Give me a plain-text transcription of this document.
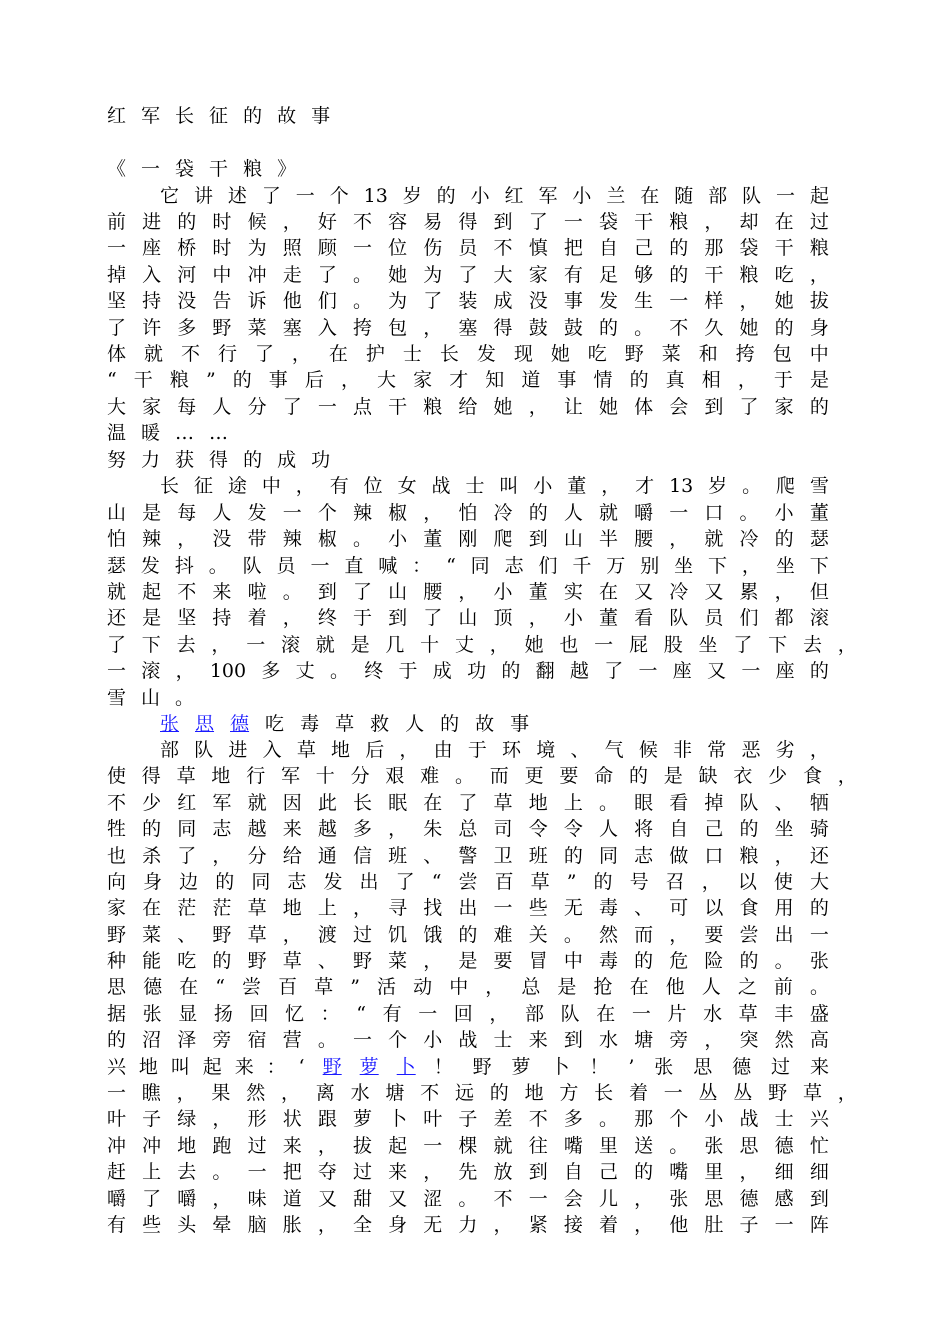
红 军 长 征 的 故 事
《 一 袋 干 粮 》
它 讲 述 了 一 个 13 岁 的 小 红 军 小 兰 在 随 部 队 一 起
前 进 的 时 候 ， 好 不 容 易 得 到 了 一 袋 干 粮 ， 却 在 过
一 座 桥 时 为 照 顾 一 位 伤 员 不 慎 把 自 己 的 那 袋 干 粮
掉 入 河 中 冲 走 了 。 她 为 了 大 家 有 足 够 的 干 粮 吃 ，
坚 持 没 告 诉 他 们 。 为 了 装 成 没 事 发 生 一 样 ， 她 拔
了 许 多 野 菜 塞 入 挎 包 ， 塞 得 鼓 鼓 的 。 不 久 她 的 身
体 就 不 行 了 ， 在 护 士 长 发 现 她 吃 野 菜 和 挎 包 中
“ 干 粮 ” 的 事 后 ， 大 家 才 知 道 事 情 的 真 相 ， 于 是
大 家 每 人 分 了 一 点 干 粮 给 她 ， 让 她 体 会 到 了 家 的
温 暖 … …
努 力 获 得 的 成 功
长 征 途 中 ， 有 位 女 战 士 叫 小 董 ， 才 13 岁 。 爬 雪
山 是 每 人 发 一 个 辣 椒 ， 怕 冷 的 人 就 嚼 一 口 。 小 董
怕 辣 ， 没 带 辣 椒 。 小 董 刚 爬 到 山 半 腰 ， 就 冷 的 瑟
瑟 发 抖 。 队 员 一 直 喊 ： “ 同 志 们 千 万 别 坐 下 ， 坐 下
就 起 不 来 啦 。 到 了 山 腰 ， 小 董 实 在 又 冷 又 累 ， 但
还 是 坚 持 着 ， 终 于 到 了 山 顶 ， 小 董 看 队 员 们 都 滚
了 下 去 ， 一 滚 就 是 几 十 丈 ， 她 也 一 屁 股 坐 了 下 去 ，
一 滚 ， 100 多 丈 。 终 于 成 功 的 翻 越 了 一 座 又 一 座 的
雪 山 。
张 思 德 吃 毒 草 救 人 的 故 事
部 队 进 入 草 地 后 ， 由 于 环 境 、 气 候 非 常 恶 劣 ，
使 得 草 地 行 军 十 分 艰 难 。 而 更 要 命 的 是 缺 衣 少 食 ，
不 少 红 军 就 因 此 长 眠 在 了 草 地 上 。 眼 看 掉 队 、 牺
牲 的 同 志 越 来 越 多 ， 朱 总 司 令 令 人 将 自 己 的 坐 骑
也 杀 了 ， 分 给 通 信 班 、 警 卫 班 的 同 志 做 口 粮 ， 还
向 身 边 的 同 志 发 出 了 “ 尝 百 草 ” 的 号 召 ， 以 使 大
家 在 茫 茫 草 地 上 ， 寻 找 出 一 些 无 毒 、 可 以 食 用 的
野 菜 、 野 草 ， 渡 过 饥 饿 的 难 关 。 然 而 ， 要 尝 出 一
种 能 吃 的 野 草 、 野 菜 ， 是 要 冒 中 毒 的 危 险 的 。 张
思 德 在 “ 尝 百 草 ” 活 动 中 ， 总 是 抢 在 他 人 之 前 。
据 张 显 扬 回 忆 ： “ 有 一 回 ， 部 队 在 一 片 水 草 丰 盛
的 沼 泽 旁 宿 营 。 一 个 小 战 士 来 到 水 塘 旁 ， 突 然 高
兴 地 叫 起 来 ： ‘ 野 萝 卜 ！ 野 萝 卜 ！ ’ 张 思 德 过 来
一 瞧 ， 果 然 ， 离 水 塘 不 远 的 地 方 长 着 一 丛 丛 野 草 ，
叶 子 绿 ， 形 状 跟 萝 卜 叶 子 差 不 多 。 那 个 小 战 士 兴
冲 冲 地 跑 过 来 ， 拔 起 一 棵 就 往 嘴 里 送 。 张 思 德 忙
赶 上 去 。 一 把 夺 过 来 ， 先 放 到 自 己 的 嘴 里 ， 细 细
嚼 了 嚼 ， 味 道 又 甜 又 涩 。 不 一 会 儿 ， 张 思 德 感 到
有 些 头 晕 脑 胀 ， 全 身 无 力 ， 紧 接 着 ， 他 肚 子 一 阵
